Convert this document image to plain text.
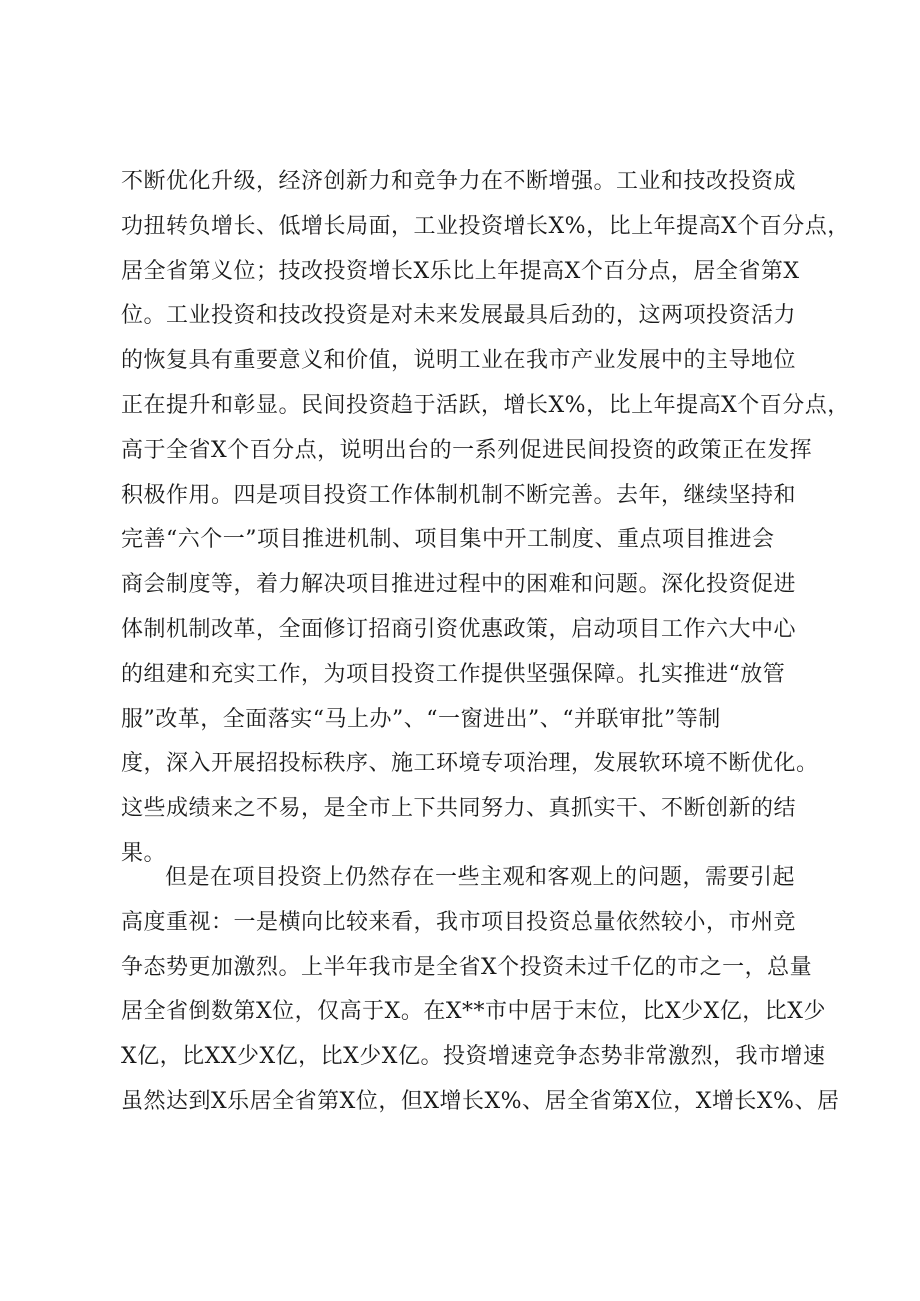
不断优化升级，经济创新力和竞争力在不断增强。工业和技改投资成
功扭转负增长、低增长局面，工业投资增长X%，比上年提高X个百分点，
居全省第义位；技改投资增长X乐比上年提高X个百分点，居全省第X
位。工业投资和技改投资是对未来发展最具后劲的，这两项投资活力
的恢复具有重要意义和价值，说明工业在我市产业发展中的主导地位
正在提升和彰显。民间投资趋于活跃，增长X%，比上年提高X个百分点，
高于全省X个百分点，说明出台的一系列促进民间投资的政策正在发挥
积极作用。四是项目投资工作体制机制不断完善。去年，继续坚持和
完善“六个一”项目推进机制、项目集中开工制度、重点项目推进会
商会制度等，着力解决项目推进过程中的困难和问题。深化投资促进
体制机制改革，全面修订招商引资优惠政策，启动项目工作六大中心
的组建和充实工作，为项目投资工作提供坚强保障。扎实推进“放管
服”改革，全面落实“马上办”、“一窗进出”、“并联审批”等制
度，深入开展招投标秩序、施工环境专项治理，发展软环境不断优化。
这些成绩来之不易，是全市上下共同努力、真抓实干、不断创新的结
果。
但是在项目投资上仍然存在一些主观和客观上的问题，需要引起
高度重视：一是横向比较来看，我市项目投资总量依然较小，市州竞
争态势更加激烈。上半年我市是全省X个投资未过千亿的市之一，总量
居全省倒数第X位，仅高于X。在X**市中居于末位，比X少X亿，比X少
X亿，比XX少X亿，比X少X亿。投资增速竞争态势非常激烈，我市增速
虽然达到X乐居全省第X位，但X增长X%、居全省第X位，X增长X%、居
